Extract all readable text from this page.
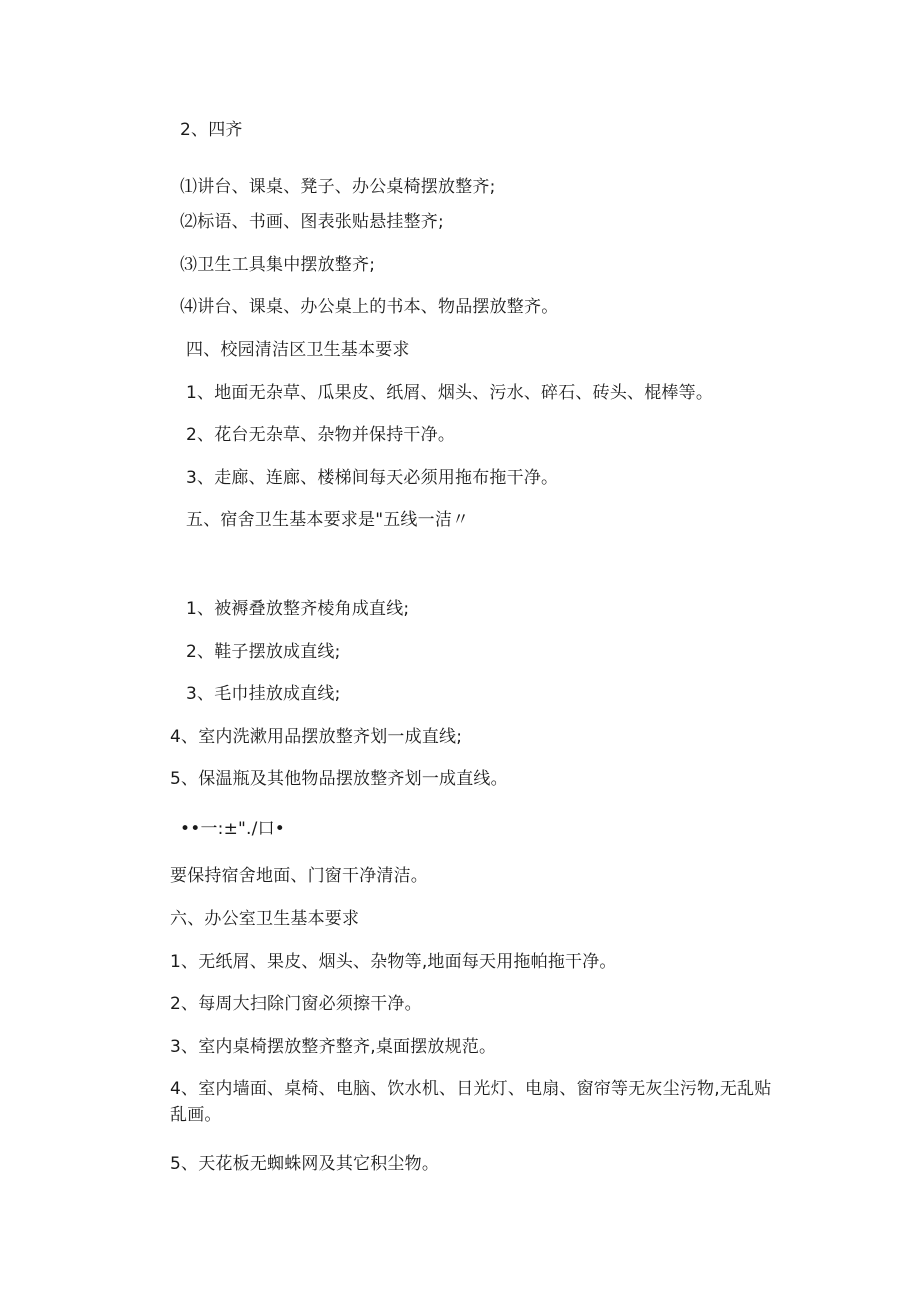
2、四齐
⑴讲台、课桌、凳子、办公桌椅摆放整齐;
⑵标语、书画、图表张贴悬挂整齐;
⑶卫生工具集中摆放整齐;
⑷讲台、课桌、办公桌上的书本、物品摆放整齐。
四、校园清洁区卫生基本要求
1、地面无杂草、瓜果皮、纸屑、烟头、污水、碎石、砖头、棍棒等。
2、花台无杂草、杂物并保持干净。
3、走廊、连廊、楼梯间每天必须用拖布拖干净。
五、宿舍卫生基本要求是"五线一洁〃
1、被褥叠放整齐棱角成直线;
2、鞋子摆放成直线;
3、毛巾挂放成直线;
4、室内洗漱用品摆放整齐划一成直线;
5、保温瓶及其他物品摆放整齐划一成直线。
••一:±"./口•
要保持宿舍地面、门窗干净清洁。
六、办公室卫生基本要求
1、无纸屑、果皮、烟头、杂物等,地面每天用拖帕拖干净。
2、每周大扫除门窗必须擦干净。
3、室内桌椅摆放整齐整齐,桌面摆放规范。
4、室内墙面、桌椅、电脑、饮水机、日光灯、电扇、窗帘等无灰尘污物,无乱贴乱画。
5、天花板无蜘蛛网及其它积尘物。
